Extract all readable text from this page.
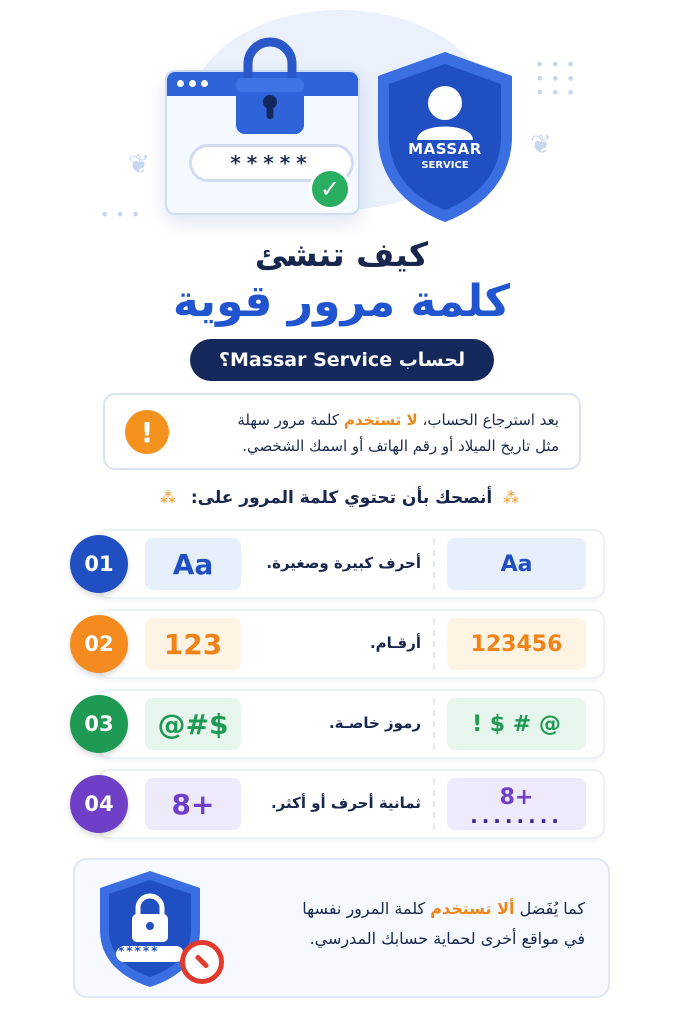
•••
•••
•••
•••
❦
❦
*****
✓
MASSAR
SERVICE
كيف تنشئ
كلمة مرور قوية
لحساب Massar Service؟
!	بعد استرجاع الحساب، لا تستخدم كلمة مرور سهلة
مثل تاريخ الميلاد أو رقم الهاتف أو اسمك الشخصي.
⁂ أنصحك بأن تحتوي كلمة المرور على: ⁂
01	Aa	أحرف كبيرة وصغيرة.	Aa
02	123	أرقـام.	123456
03	@#$	رموز خاصـة.	! $ # @
04	8+	ثمانية أحرف أو أكثر.	8+
........
*****
كما يُفَضل ألا تستخدم كلمة المرور نفسها
في مواقع أخرى لحماية حسابك المدرسي.
